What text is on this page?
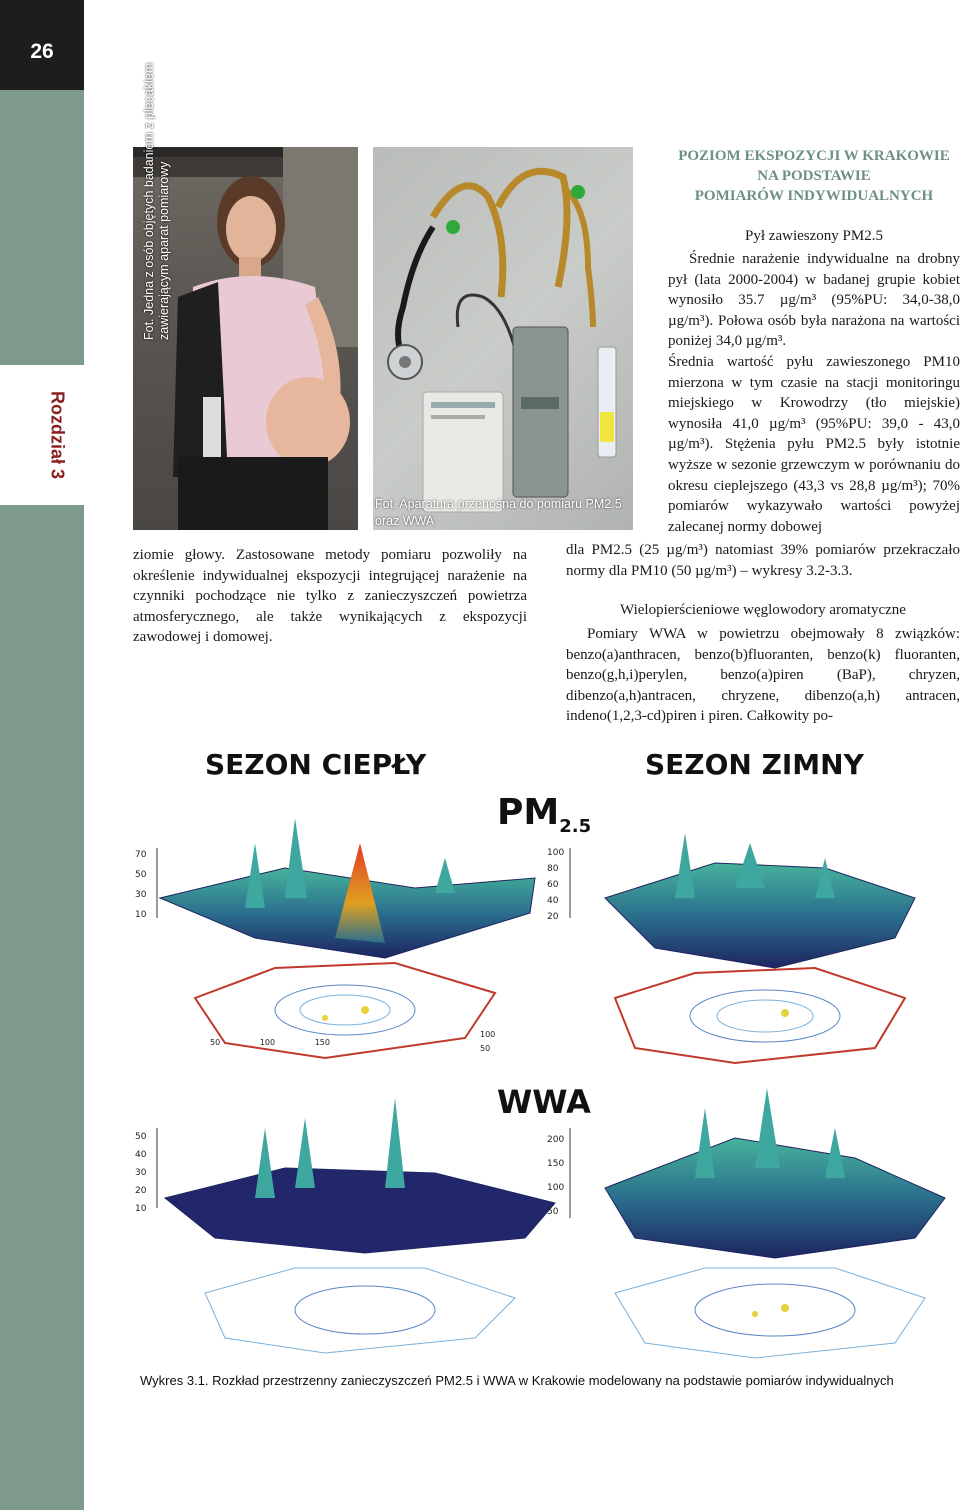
26
Rozdział 3
Fot. Jedna z osób objętych badaniem z plecakiem zawierającym aparat pomiarowy
Fot. Aparatura przenośna do pomiaru PM2.5 oraz WWA

ziomie głowy. Zastosowane metody pomiaru pozwoliły na określenie indywidualnej ekspozycji integrującej narażenie na czynniki pochodzące nie tylko z zanieczyszczeń powietrza atmosferycznego, ale także wynikających z ekspozycji zawodowej i domowej.

POZIOM EKSPOZYCJI W KRAKOWIE
NA PODSTAWIE
POMIARÓW INDYWIDUALNYCH
Pył zawieszony PM2.5

Średnie narażenie indywidualne na drobny pył (lata 2000-2004) w badanej grupie kobiet wynosiło 35.7 µg/m³ (95%PU: 34,0-38,0 µg/m³). Połowa osób była narażona na wartości poniżej 34,0 µg/m³.

Średnia wartość pyłu zawieszonego PM10 mierzona w tym czasie na stacji monitoringu miejskiego w Krowodrzy (tło miejskie) wynosiła 41,0 µg/m³ (95%PU: 39,0 - 43,0 µg/m³). Stężenia pyłu PM2.5 były istotnie wyższe w sezonie grzewczym w porównaniu do okresu cieplejszego (43,3 vs 28,8 µg/m³); 70% pomiarów wykazywało wartości powyżej zalecanej normy dobowej

dla PM2.5 (25 µg/m³) natomiast 39% pomiarów przekraczało normy dla PM10 (50 µg/m³) – wykresy 3.2-3.3.

Wielopierścieniowe węglowodory aromatyczne

Pomiary WWA w powietrzu obejmowały 8 związków: benzo(a)anthracen, benzo(b)fluoranten, benzo(k) fluoranten, benzo(g,h,i)perylen, benzo(a)piren (BaP), chryzen, dibenzo(a,h)antracen, chryzene, dibenzo(a,h) antracen, indeno(1,2,3-cd)piren i piren. Całkowity po-

SEZON CIEPŁY	SEZON ZIMNY
$PM_{2.5}$
WWA
70
50
30
10
100
80
60
40
20
50
40
30
20
10
200
150
100
50
50	100	150
100
50
Wykres 3.1. Rozkład przestrzenny zanieczyszczeń PM2.5 i WWA w Krakowie modelowany na podstawie pomiarów indywidualnych
